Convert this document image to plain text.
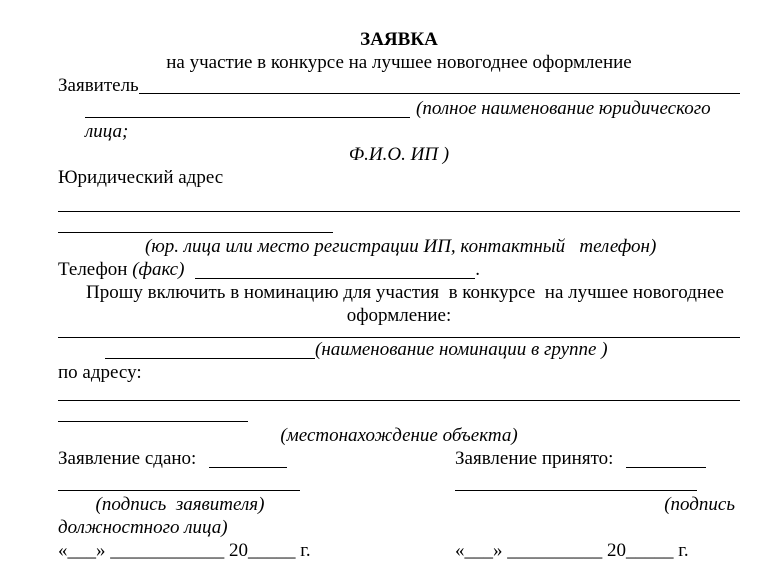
ЗАЯВКА
на участие в конкурсе на лучшее новогоднее оформление
Заявитель
(полное наименование юридического лица;
Ф.И.О. ИП )
Юридический адрес
(юр. лица или место регистрации ИП, контактный   телефон)
Телефон (факс)	.
Прошу включить в номинацию для участия  в конкурсе  на лучшее новогоднее
оформление:
(наименование номинации в группе )
по адресу:
(местонахождение объекта)
Заявление сдано:	Заявление принято:
(подпись  заявителя)	(подпись
должностного лица)
«___» ____________ 20_____ г.	«___» __________ 20_____ г.
